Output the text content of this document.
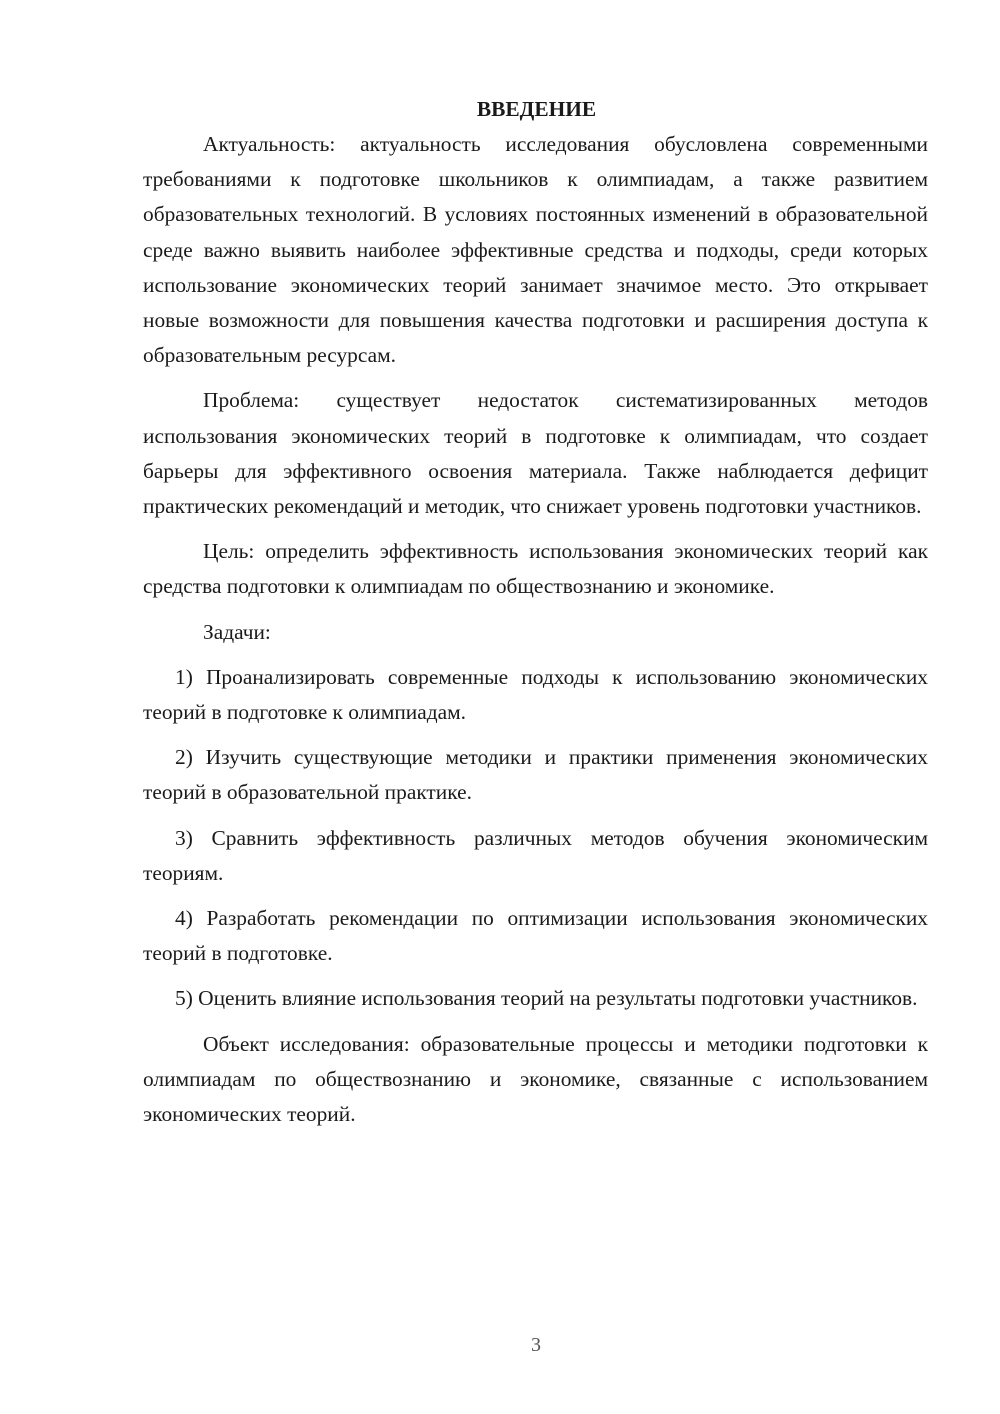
ВВЕДЕНИЕ

Актуальность: актуальность исследования обусловлена современными требованиями к подготовке школьников к олимпиадам, а также развитием образовательных технологий. В условиях постоянных изменений в образовательной среде важно выявить наиболее эффективные средства и подходы, среди которых использование экономических теорий занимает значимое место. Это открывает новые возможности для повышения качества подготовки и расширения доступа к образовательным ресурсам.

Проблема: существует недостаток систематизированных методов использования экономических теорий в подготовке к олимпиадам, что создает барьеры для эффективного освоения материала. Также наблюдается дефицит практических рекомендаций и методик, что снижает уровень подготовки участников.

Цель: определить эффективность использования экономических теорий как средства подготовки к олимпиадам по обществознанию и экономике.

Задачи:

1) Проанализировать современные подходы к использованию экономических теорий в подготовке к олимпиадам.

2) Изучить существующие методики и практики применения экономических теорий в образовательной практике.

3) Сравнить эффективность различных методов обучения экономическим теориям.

4) Разработать рекомендации по оптимизации использования экономических теорий в подготовке.

5) Оценить влияние использования теорий на результаты подготовки участников.

Объект исследования: образовательные процессы и методики подготовки к олимпиадам по обществознанию и экономике, связанные с использованием экономических теорий.

3
